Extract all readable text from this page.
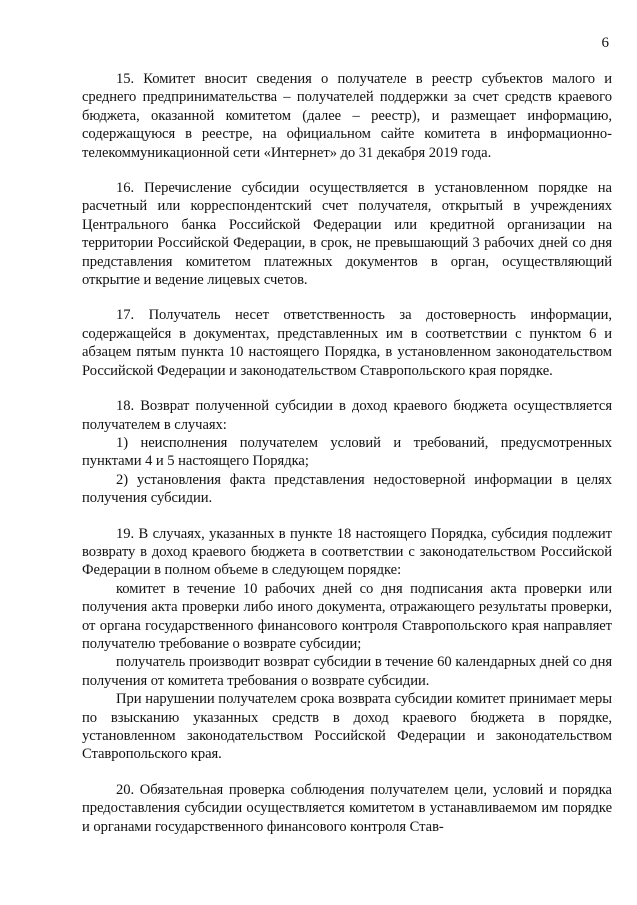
6

15. Комитет вносит сведения о получателе в реестр субъектов малого и среднего предпринимательства – получателей поддержки за счет средств краевого бюджета, оказанной комитетом (далее – реестр), и размещает информацию, содержащуюся в реестре, на официальном сайте комитета в информационно-телекоммуникационной сети «Интернет» до 31 декабря 2019 года.

16. Перечисление субсидии осуществляется в установленном порядке на расчетный или корреспондентский счет получателя, открытый в учреждениях Центрального банка Российской Федерации или кредитной организации на территории Российской Федерации, в срок, не превышающий 3 рабочих дней со дня представления комитетом платежных документов в орган, осуществляющий открытие и ведение лицевых счетов.

17. Получатель несет ответственность за достоверность информации, содержащейся в документах, представленных им в соответствии с пунктом 6 и абзацем пятым пункта 10 настоящего Порядка, в установленном законодательством Российской Федерации и законодательством Ставропольского края порядке.

18. Возврат полученной субсидии в доход краевого бюджета осуществляется получателем в случаях:

1) неисполнения получателем условий и требований, предусмотренных пунктами 4 и 5 настоящего Порядка;

2) установления факта представления недостоверной информации в целях получения субсидии.

19. В случаях, указанных в пункте 18 настоящего Порядка, субсидия подлежит возврату в доход краевого бюджета в соответствии с законодательством Российской Федерации в полном объеме в следующем порядке:

комитет в течение 10 рабочих дней со дня подписания акта проверки или получения акта проверки либо иного документа, отражающего результаты проверки, от органа государственного финансового контроля Ставропольского края направляет получателю требование о возврате субсидии;

получатель производит возврат субсидии в течение 60 календарных дней со дня получения от комитета требования о возврате субсидии.

При нарушении получателем срока возврата субсидии комитет принимает меры по взысканию указанных средств в доход краевого бюджета в порядке, установленном законодательством Российской Федерации и законодательством Ставропольского края.

20. Обязательная проверка соблюдения получателем цели, условий и порядка предоставления субсидии осуществляется комитетом в устанавливаемом им порядке и органами государственного финансового контроля Став-
